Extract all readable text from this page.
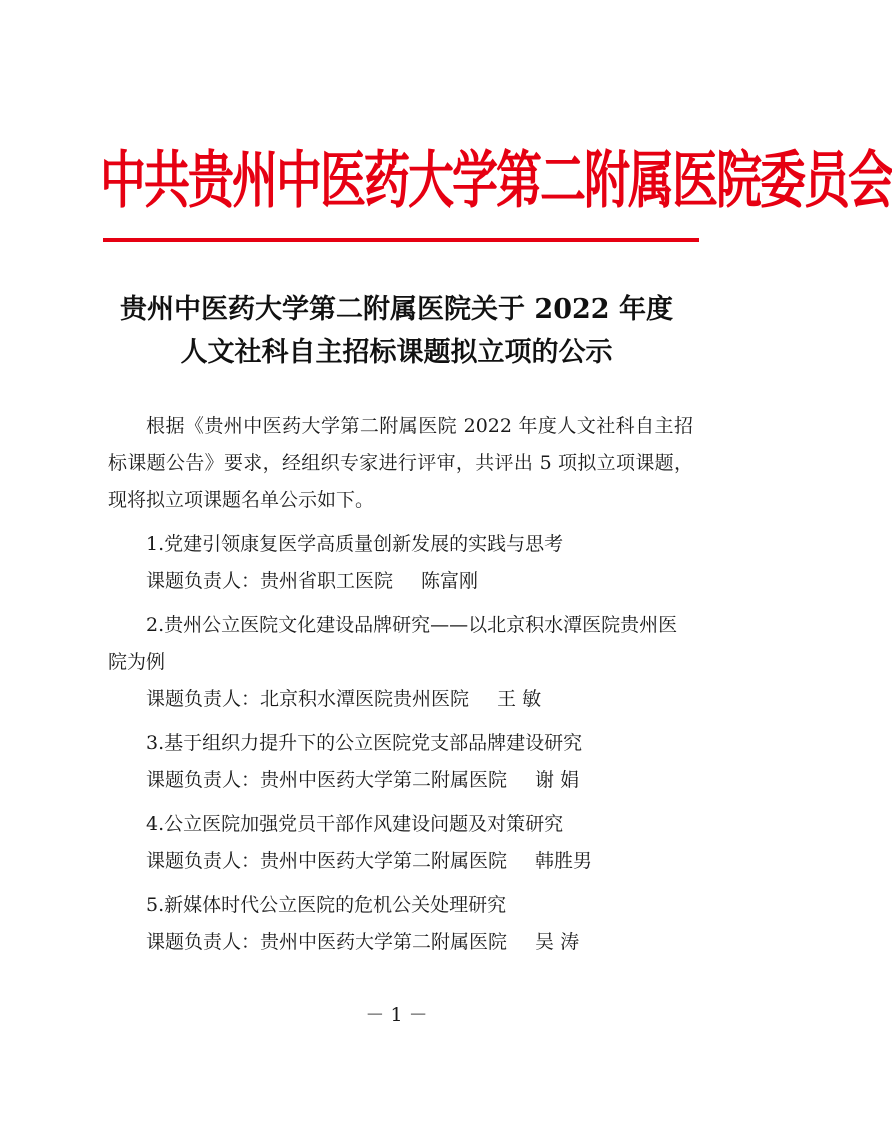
中共贵州中医药大学第二附属医院委员会
贵州中医药大学第二附属医院关于 2022 年度
人文社科自主招标课题拟立项的公示

根据《贵州中医药大学第二附属医院 2022 年度人文社科自主招标课题公告》要求，经组织专家进行评审，共评出 5 项拟立项课题，现将拟立项课题名单公示如下。

1.党建引领康复医学高质量创新发展的实践与思考

课题负责人：贵州省职工医院 陈富刚

2.贵州公立医院文化建设品牌研究——以北京积水潭医院贵州医院为例

课题负责人：北京积水潭医院贵州医院 王 敏

3.基于组织力提升下的公立医院党支部品牌建设研究

课题负责人：贵州中医药大学第二附属医院 谢 娟

4.公立医院加强党员干部作风建设问题及对策研究

课题负责人：贵州中医药大学第二附属医院 韩胜男

5.新媒体时代公立医院的危机公关处理研究

课题负责人：贵州中医药大学第二附属医院 吴 涛

－ 1 －
